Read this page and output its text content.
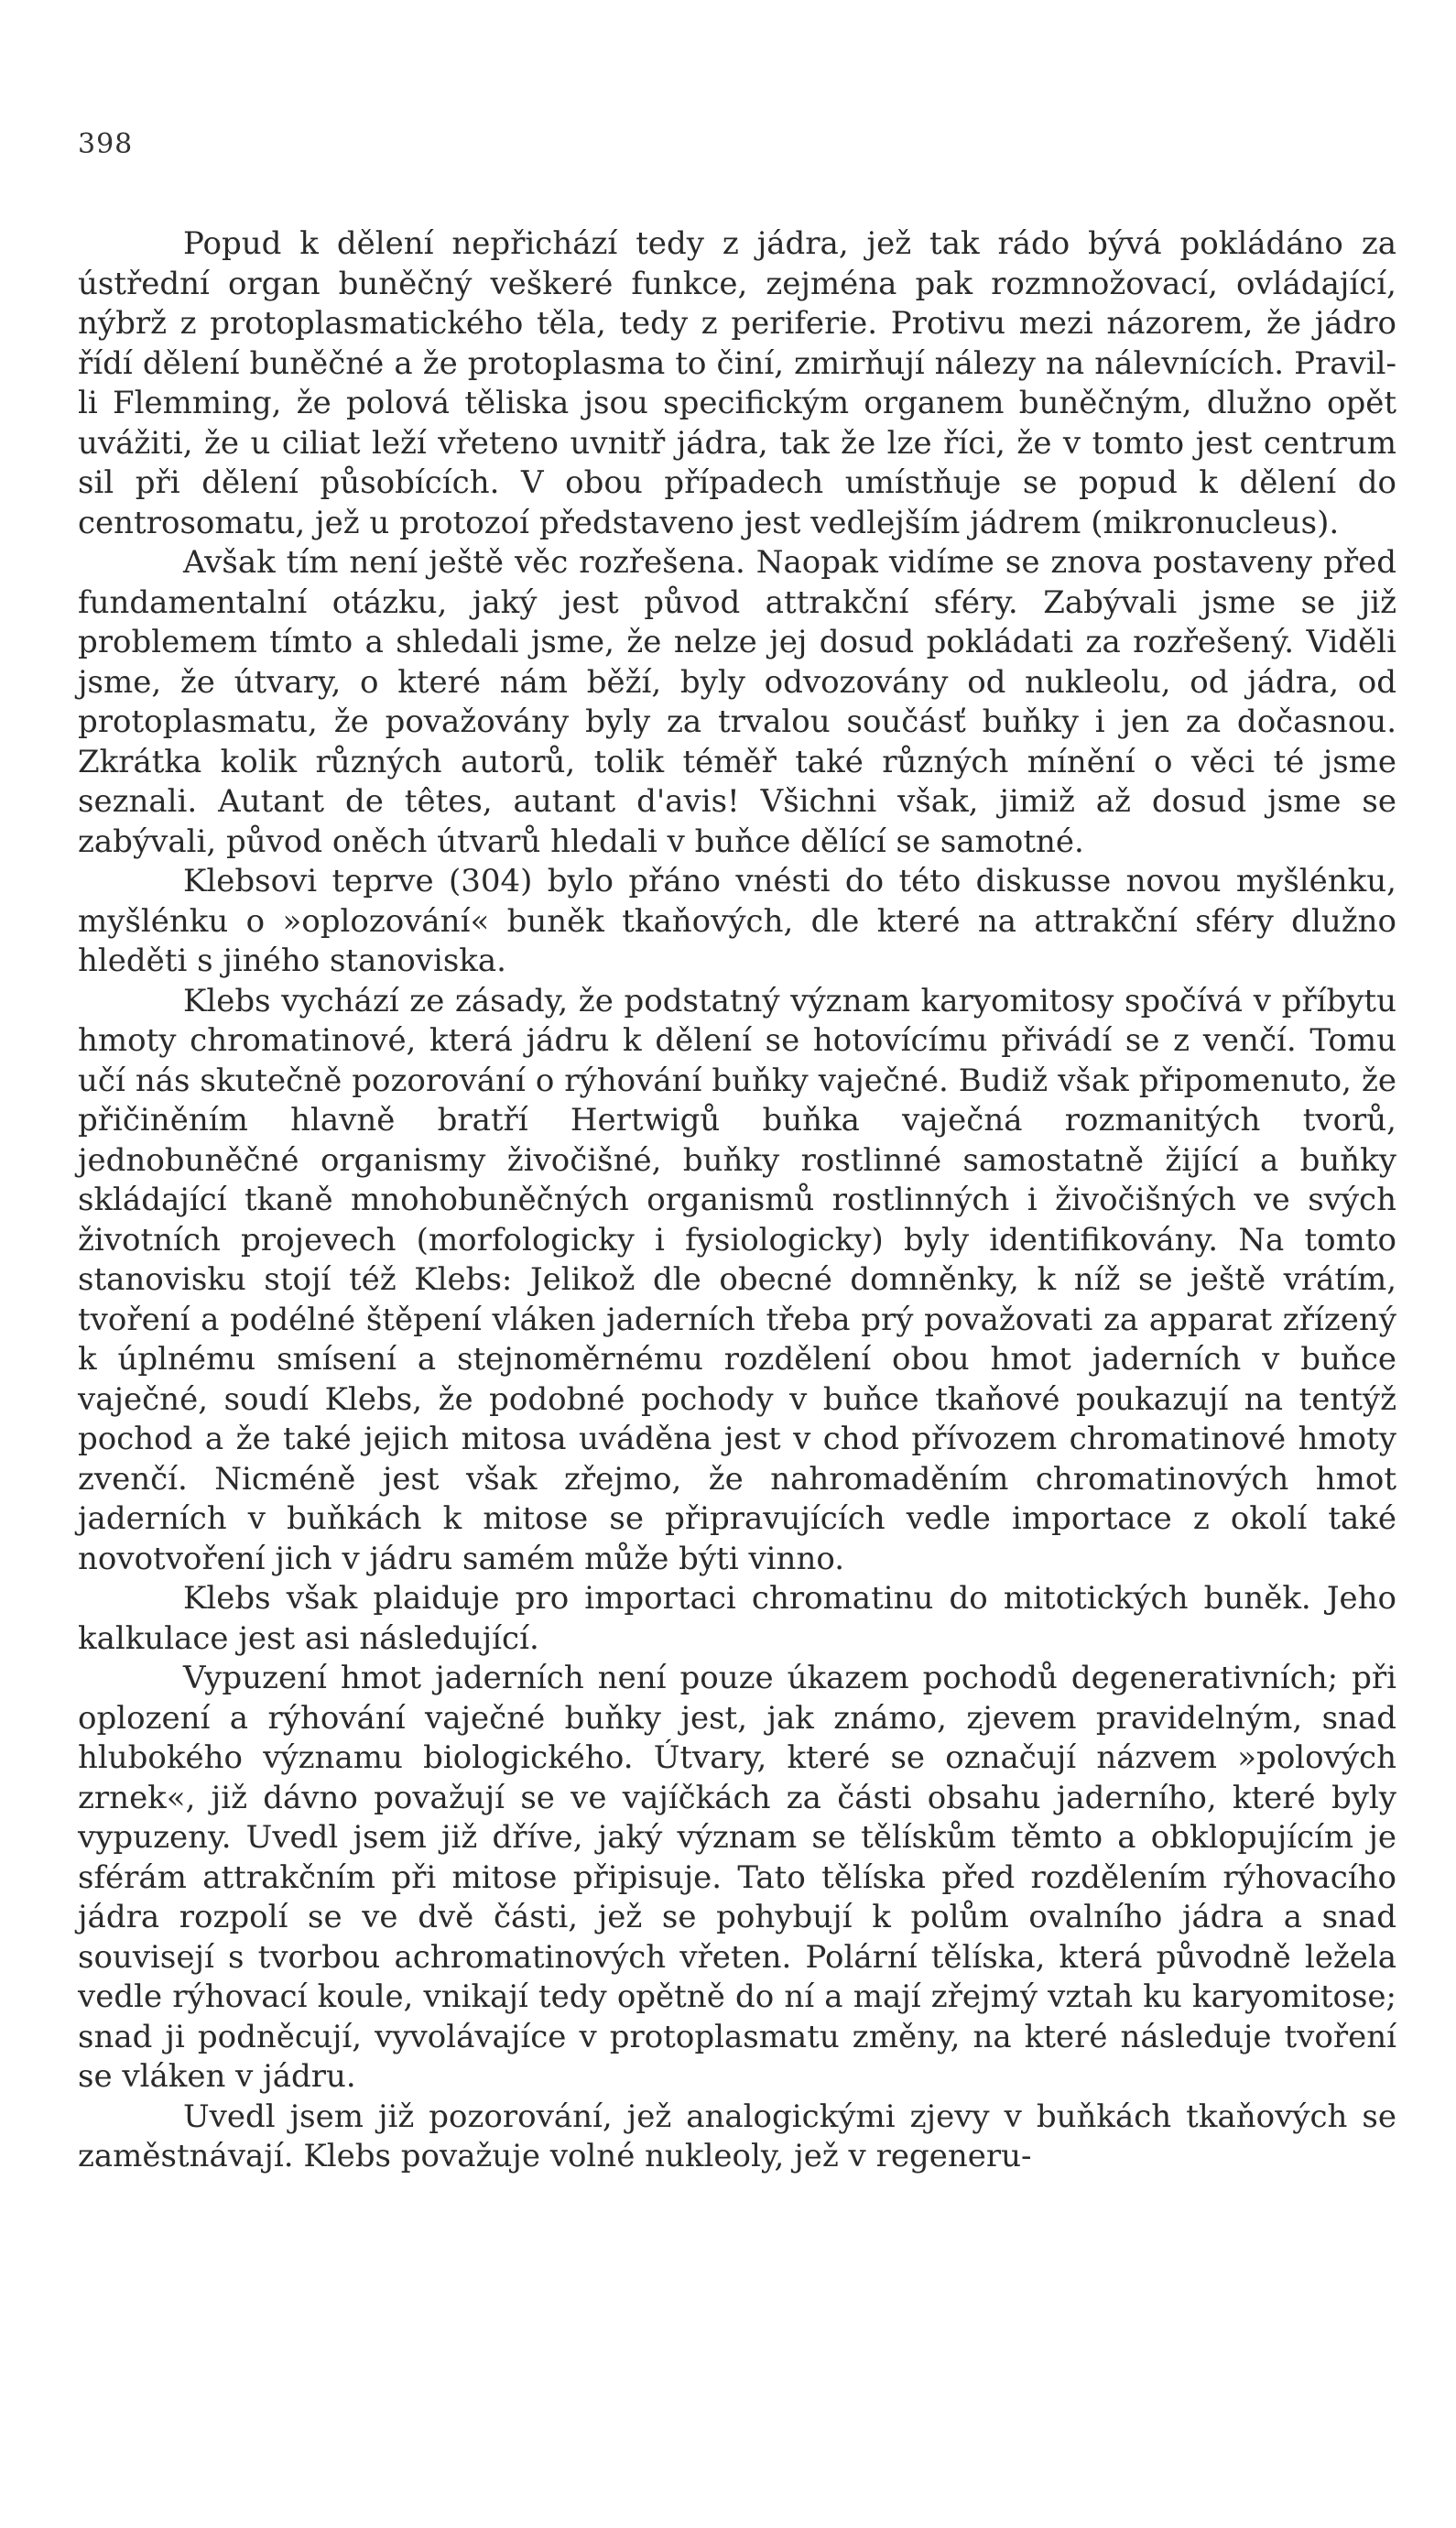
398

Popud k dělení nepřichází tedy z jádra, jež tak rádo bývá pokládáno za ústřední organ buněčný veškeré funkce, zejména pak rozmnožovací, ovládající, nýbrž z protoplasmatického těla, tedy z periferie. Protivu mezi názorem, že jádro řídí dělení buněčné a že protoplasma to činí, zmirňují nálezy na nálevnících. Pravil-li Flemming, že polová těliska jsou specifickým organem buněčným, dlužno opět uvážiti, že u ciliat leží vřeteno uvnitř jádra, tak že lze říci, že v tomto jest centrum sil při dělení působících. V obou případech umístňuje se popud k dělení do centrosomatu, jež u protozoí představeno jest vedlejším jádrem (mikronucleus).

Avšak tím není ještě věc rozřešena. Naopak vidíme se znova postaveny před fundamentalní otázku, jaký jest původ attrakční sféry. Zabývali jsme se již problemem tímto a shledali jsme, že nelze jej dosud pokládati za rozřešený. Viděli jsme, že útvary, o které nám běží, byly odvozovány od nukleolu, od jádra, od protoplasmatu, že považovány byly za trvalou součásť buňky i jen za dočasnou. Zkrátka kolik různých autorů, tolik téměř také různých mínění o věci té jsme seznali. Autant de têtes, autant d'avis! Všichni však, jimiž až dosud jsme se zabývali, původ oněch útvarů hledali v buňce dělící se samotné.

Klebsovi teprve (304) bylo přáno vnésti do této diskusse novou myšlénku, myšlénku o »oplozování« buněk tkaňových, dle které na attrakční sféry dlužno hleděti s jiného stanoviska.

Klebs vychází ze zásady, že podstatný význam karyomitosy spočívá v příbytu hmoty chromatinové, která jádru k dělení se hotovícímu přivádí se z venčí. Tomu učí nás skutečně pozorování o rýhování buňky vaječné. Budiž však připomenuto, že přičiněním hlavně bratří Hertwigů buňka vaječná rozmanitých tvorů, jednobuněčné organismy živočišné, buňky rostlinné samostatně žijící a buňky skládající tkaně mnohobuněčných organismů rostlinných i živočišných ve svých životních projevech (morfologicky i fysiologicky) byly identifikovány. Na tomto stanovisku stojí též Klebs: Jelikož dle obecné domněnky, k níž se ještě vrátím, tvoření a podélné štěpení vláken jaderních třeba prý považovati za apparat zřízený k úplnému smísení a stejnoměrnému rozdělení obou hmot jaderních v buňce vaječné, soudí Klebs, že podobné pochody v buňce tkaňové poukazují na tentýž pochod a že také jejich mitosa uváděna jest v chod přívozem chromatinové hmoty zvenčí. Nicméně jest však zřejmo, že nahromaděním chromatinových hmot jaderních v buňkách k mitose se připravujících vedle importace z okolí také novotvoření jich v jádru samém může býti vinno.

Klebs však plaiduje pro importaci chromatinu do mitotických buněk. Jeho kalkulace jest asi následující.

Vypuzení hmot jaderních není pouze úkazem pochodů degenerativních; při oplození a rýhování vaječné buňky jest, jak známo, zjevem pravidelným, snad hlubokého významu biologického. Útvary, které se označují názvem »polových zrnek«, již dávno považují se ve vajíčkách za části obsahu jaderního, které byly vypuzeny. Uvedl jsem již dříve, jaký význam se tělískům těmto a obklopujícím je sférám attrakčním při mitose připisuje. Tato tělíska před rozdělením rýhovacího jádra rozpolí se ve dvě části, jež se pohybují k polům ovalního jádra a snad souvisejí s tvorbou achromatinových vřeten. Polární tělíska, která původně ležela vedle rýhovací koule, vnikají tedy opětně do ní a mají zřejmý vztah ku karyomitose; snad ji podněcují, vyvolávajíce v protoplasmatu změny, na které následuje tvoření se vláken v jádru.

Uvedl jsem již pozorování, jež analogickými zjevy v buňkách tkaňových se zaměstnávají. Klebs považuje volné nukleoly, jež v regeneru-
